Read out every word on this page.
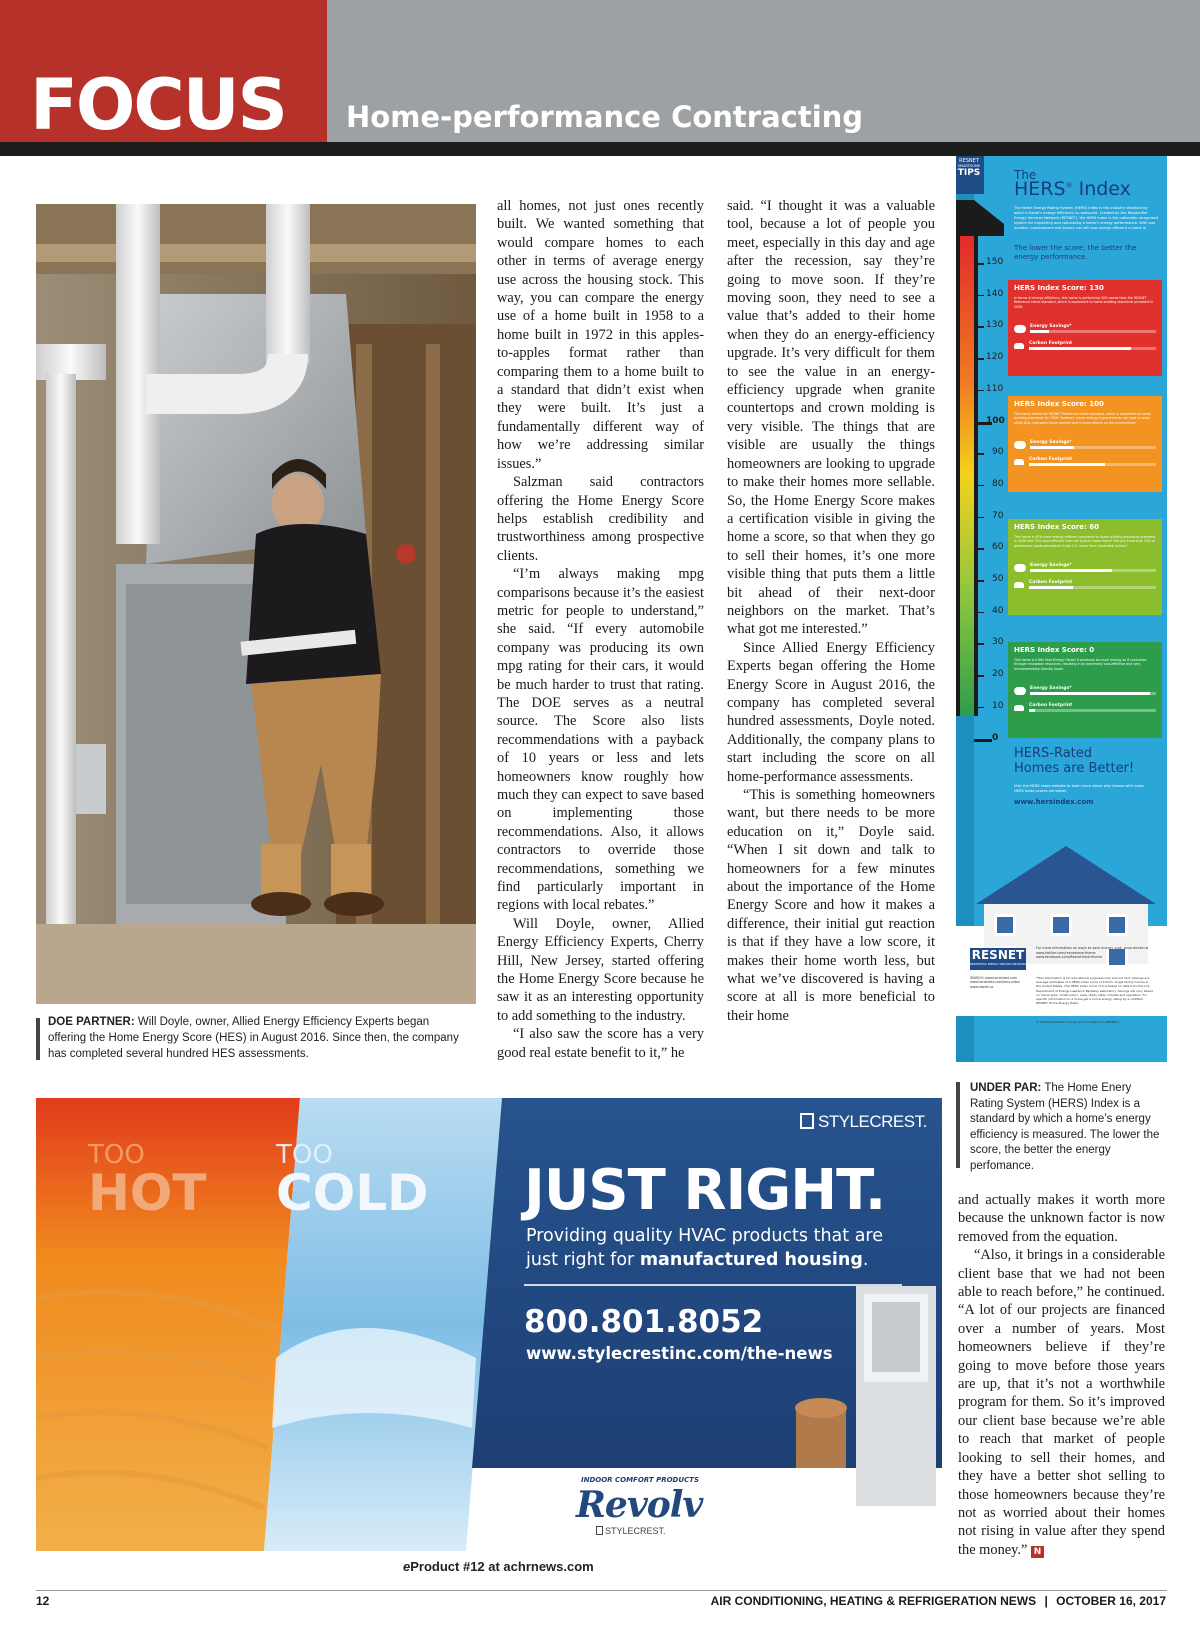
FOCUS Home-performance Contracting
DOE PARTNER: Will Doyle, owner, Allied Energy Efficiency Experts began offering the Home Energy Score (HES) in August 2016. Since then, the company has completed several hundred HES assessments.

all homes, not just ones recently built. We wanted something that would compare homes to each other in terms of average energy use across the housing stock. This way, you can compare the energy use of a home built in 1958 to a home built in 1972 in this apples-to-apples format rather than comparing them to a home built to a standard that didn’t exist when they were built. It’s just a fundamentally different way of how we’re addressing similar issues.”

Salzman said contractors offering the Home Energy Score helps establish credibility and trustworthiness among prospective clients.

“I’m always making mpg comparisons because it’s the easiest metric for people to understand,” she said. “If every automobile company was producing its own mpg rating for their cars, it would be much harder to trust that rating. The DOE serves as a neutral source. The Score also lists recommendations with a payback of 10 years or less and lets homeowners know roughly how much they can expect to save based on implementing those recommendations. Also, it allows contractors to override those recommendations, something we find particularly important in regions with local rebates.”

Will Doyle, owner, Allied Energy Efficiency Experts, Cherry Hill, New Jersey, started offering the Home Energy Score because he saw it as an interesting opportunity to add something to the industry.

“I also saw the score has a very good real estate benefit to it,” he

said. “I thought it was a valuable tool, because a lot of people you meet, especially in this day and age after the recession, say they’re going to move soon. If they’re moving soon, they need to see a value that’s added to their home when they do an energy-efficiency upgrade. It’s very difficult for them to see the value in an energy-efficiency upgrade when granite countertops and crown molding is very visible. The things that are visible are usually the things homeowners are looking to upgrade to make their homes more sellable. So, the Home Energy Score makes a certification visible in giving the home a score, so that when they go to sell their homes, it’s one more visible thing that puts them a little bit ahead of their next-door neighbors on the market. That’s what got me interested.”

Since Allied Energy Efficiency Experts began offering the Home Energy Score in August 2016, the company has completed several hundred assessments, Doyle noted. Additionally, the company plans to start including the score on all home-performance assessments.

“This is something homeowners want, but there needs to be more education on it,” Doyle said. “When I sit down and talk to homeowners for a few minutes about the importance of the Home Energy Score and how it makes a difference, their initial gut reaction is that if they have a low score, it makes their home worth less, but what we’ve discovered is having a score at all is more beneficial to their home

RESNET
SMARTHOME
TIPS	The
HERS® Index
The Home Energy Rating System (HERS) Index is the industry standard by which a home’s energy efficiency is measured. Created by the Residential Energy Services Network (RESNET), the HERS Index is the nationally recognized system for inspecting and calculating a home’s energy performance. With one number, homeowners and buyers can tell how energy efficient a home is.
The lower the score, the better the energy performance.
150
140
130
120
110
100
90
80
70
60
50
40
30
20
10
0
HERS Index Score: 130
In terms of energy efficiency, this home is performing 30% worse than the RESNET Reference Home standard, which is equivalent to home building standards prevalent in 2006.
Energy Savings*
Carbon Footprint
HERS Index Score: 100
This home meets the RESNET Reference Home standard, which is equivalent to home building standards for 2006. However, smart energy improvements can lead to lower utility bills, improved home comfort and a home effects on the environment.
Energy Savings*
Carbon Footprint
HERS Index Score: 60
This home is 40% more energy efficient compared to home building standards prevalent in 2006 and 70% more efficient than the typical resale home! Did you know that 20% of greenhouse gases generated in the U.S. come from residential homes?
Energy Savings*
Carbon Footprint
HERS Index Score: 0
This home is a Net Zero Energy Home! It produces as much energy as it consumes through renewable resources, resulting in an extremely cost-effective and very environmentally friendly home.
Energy Savings*
Carbon Footprint
HERS-Rated
Homes are Better!
Visit the HERS Index website to learn more about why homes with lower HERS Index scores are better.
www.hersindex.com
RESNET
RESIDENTIAL ENERGY SERVICES NETWORK
For more information on ways to save energy visit: www.resnet.us www.twitter.com/resnetsmarthome www.facebook.com/ResnetSmartHome
SEARCH: www.hersindex.com www.hersindex.com/hers-index www.resnet.us
*This information is for educational purposes only and not fact. Savings are average estimates of a HERS Index score of 130 for single family homes in the United States. The HERS Index score of 0 is based on data from the U.S. Department of Energy Lawrence Berkeley Laboratory. Savings will vary based on house type, construction, area, utility rates, climate and operation. For specific information on a home get a home energy rating by a certified RESNET Home Energy Rater.
© 2016 Residential Energy Services Network (RESNET)
UNDER PAR: The Home Enery Rating System (HERS) Index is a standard by which a home’s energy efficiency is measured. The lower the score, the better the energy perfomance.

and actually makes it worth more because the unknown factor is now removed from the equation.

“Also, it brings in a considerable client base that we had not been able to reach before,” he continued. “A lot of our projects are financed over a number of years. Most homeowners believe if they’re going to move before those years are up, that it’s not a worthwhile program for them. So it’s improved our client base because we’re able to reach that market of people looking to sell their homes, and they have a better shot selling to those homeowners because they’re not as worried about their homes not rising in value after they spend the money.” N

TOO
HOT
TOO
COLD
STYLECREST.
JUST RIGHT.
Providing quality HVAC products that are
just right for manufactured housing.
800.801.8052
www.stylecrestinc.com/the-news
INDOOR COMFORT PRODUCTS
Revolv
STYLECREST.
eProduct #12 at achrnews.com
12	AIR CONDITIONING, HEATING & REFRIGERATION NEWS | OCTOBER 16, 2017
